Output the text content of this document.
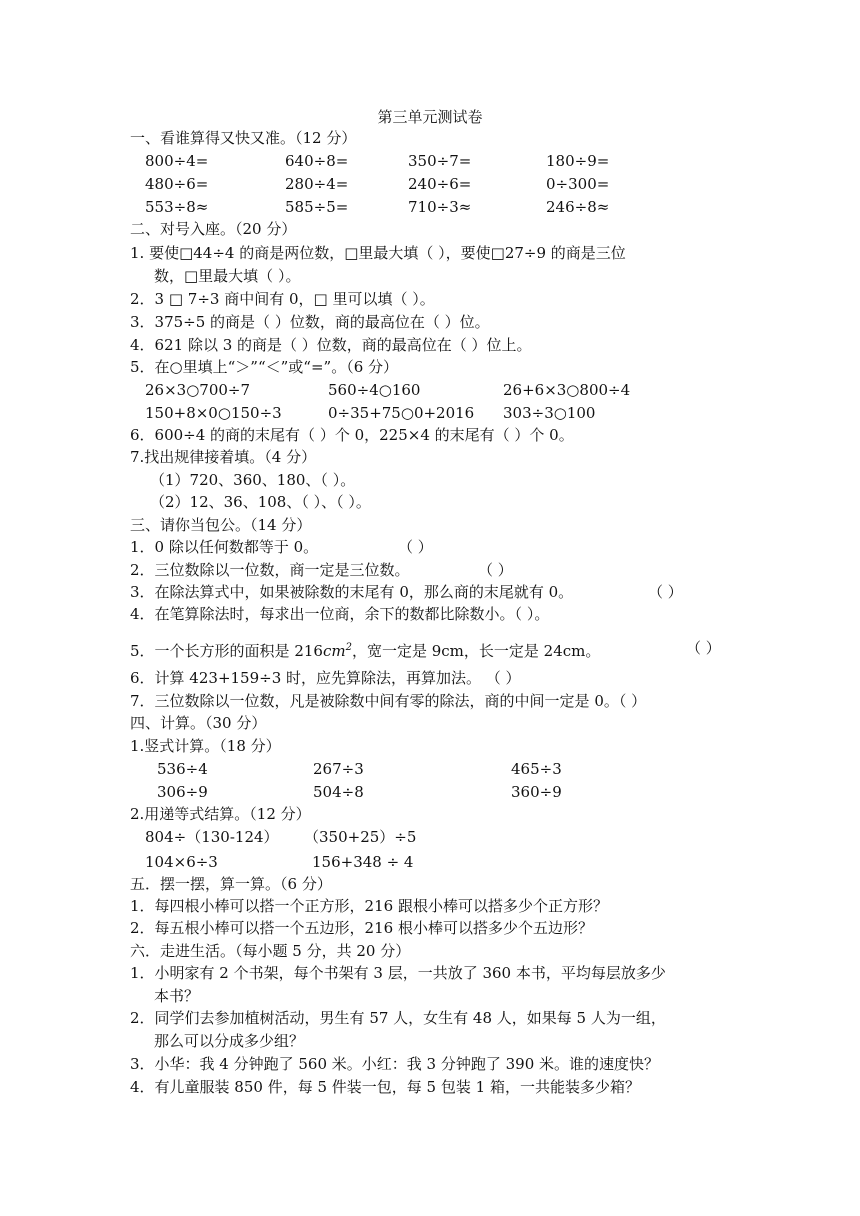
第三单元测试卷
一、看谁算得又快又准。（12 分）
800÷4=	640÷8=	350÷7=	180÷9=
480÷6=	280÷4=	240÷6=	0÷300=
553÷8≈	585÷5=	710÷3≈	246÷8≈
二、对号入座。（20 分）
1. 要使□44÷4 的商是两位数，□里最大填（ ），要使□27÷9 的商是三位
数，□里最大填（ ）。
2．3 □ 7÷3 商中间有 0，□ 里可以填（ ）。
3．375÷5 的商是（ ）位数，商的最高位在（ ）位。
4．621 除以 3 的商是（ ）位数，商的最高位在（ ）位上。
5．在○里填上“＞”“＜”或“=”。（6 分）
26×3○700÷7	560÷4○160	26+6×3○800÷4
150+8×0○150÷3	0÷35+75○0+2016 303÷3○100
6．600÷4 的商的末尾有（ ）个 0，225×4 的末尾有（ ）个 0。
7.找出规律接着填。（4 分）
（1）720、360、180、（ ）。
（2）12、36、108、（ ）、（ ）。
三、请你当包公。（14 分）
1．0 除以任何数都等于 0。	（ ）
2．三位数除以一位数，商一定是三位数。	（ ）
3．在除法算式中，如果被除数的末尾有 0，那么商的末尾就有 0。	（ ）
4．在笔算除法时，每求出一位商，余下的数都比除数小。（ ）。
5．一个长方形的面积是 $216cm^2$，宽一定是 9cm，长一定是 24cm。	（ ）
6．计算 423+159÷3 时，应先算除法，再算加法。 （ ）
7．三位数除以一位数，凡是被除数中间有零的除法，商的中间一定是 0。（ ）
四、计算。（30 分）
1.竖式计算。（18 分）
536÷4	267÷3	465÷3
306÷9	504÷8	360÷9
2.用递等式结算。（12 分）
804÷（130-124） （350+25）÷5
104×6÷3	156+348 ÷ 4
五．摆一摆，算一算。（6 分）
1．每四根小棒可以搭一个正方形，216 跟根小棒可以搭多少个正方形？
2．每五根小棒可以搭一个五边形，216 根小棒可以搭多少个五边形？
六．走进生活。（每小题 5 分，共 20 分）
1．小明家有 2 个书架，每个书架有 3 层，一共放了 360 本书，平均每层放多少
本书？
2．同学们去参加植树活动，男生有 57 人，女生有 48 人，如果每 5 人为一组，
那么可以分成多少组？
3．小华：我 4 分钟跑了 560 米。小红：我 3 分钟跑了 390 米。谁的速度快？
4．有儿童服装 850 件，每 5 件装一包，每 5 包装 1 箱，一共能装多少箱？
